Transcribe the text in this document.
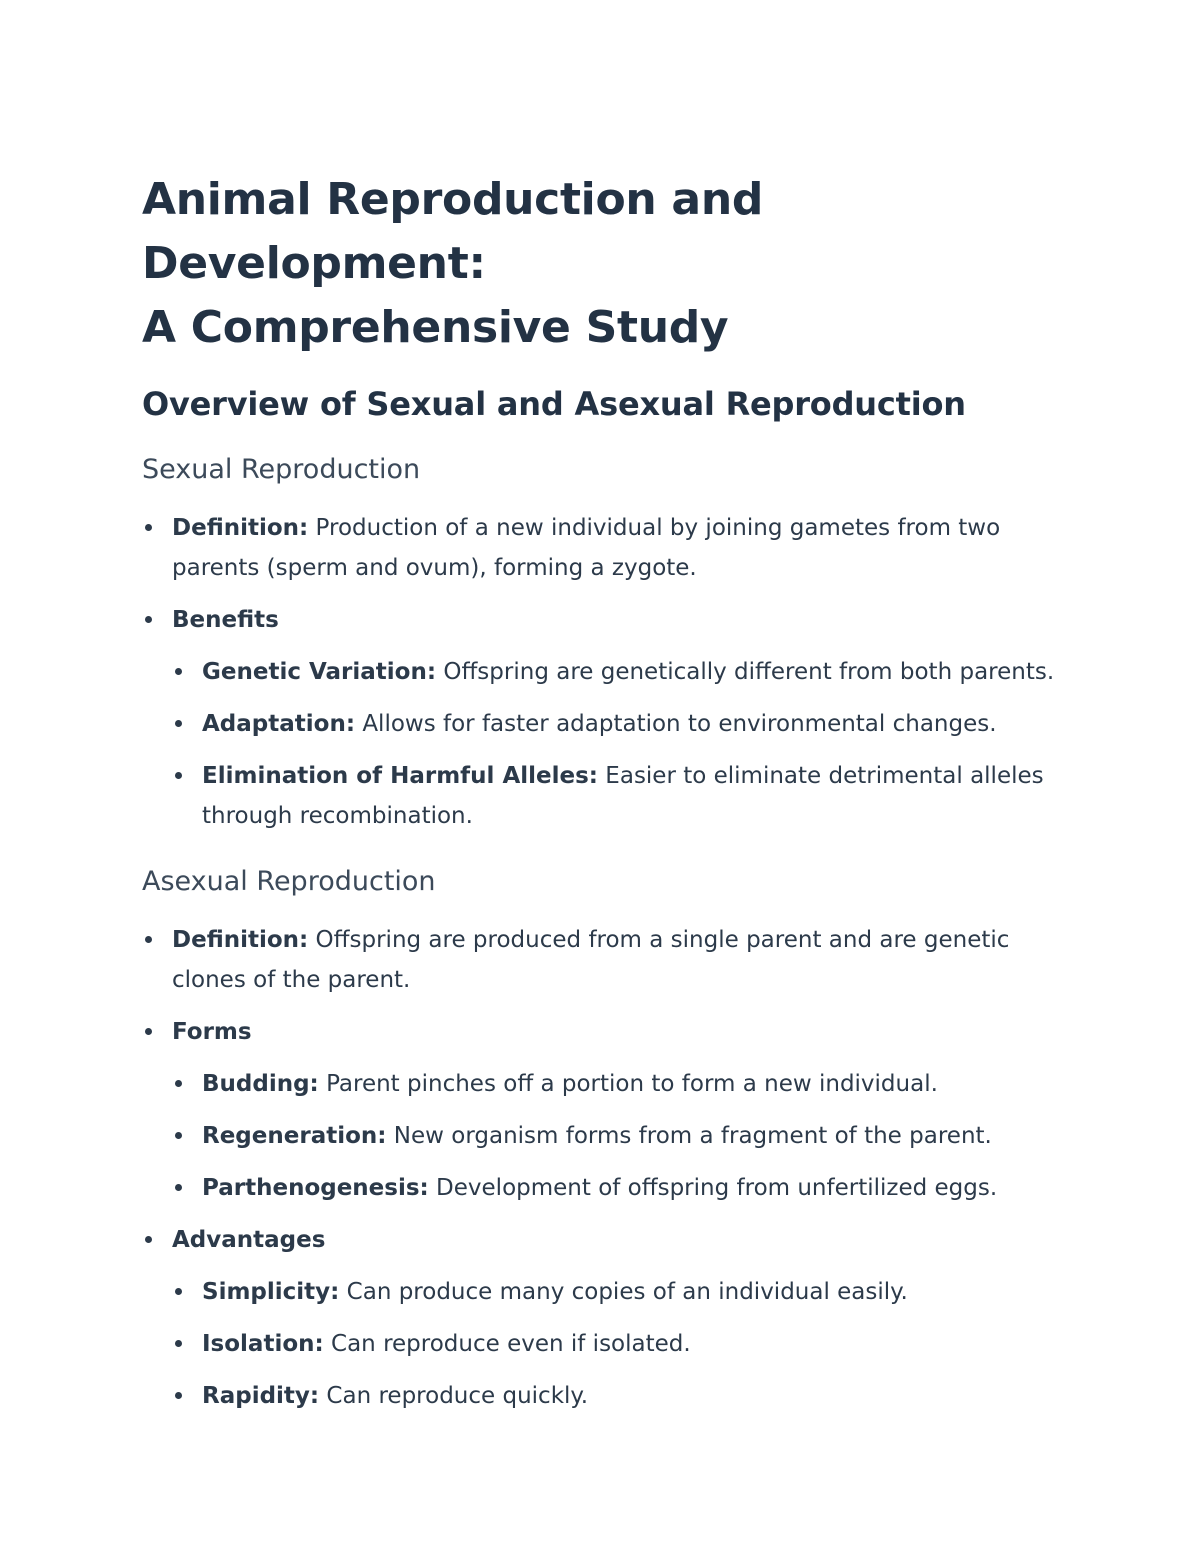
Animal Reproduction and Development:
A Comprehensive Study
Overview of Sexual and Asexual Reproduction
Sexual Reproduction
Definition: Production of a new individual by joining gametes from two parents (sperm and ovum), forming a zygote.
Benefits
Genetic Variation: Offspring are genetically different from both parents.
Adaptation: Allows for faster adaptation to environmental changes.
Elimination of Harmful Alleles: Easier to eliminate detrimental alleles through recombination.
Asexual Reproduction
Definition: Offspring are produced from a single parent and are genetic clones of the parent.
Forms
Budding: Parent pinches off a portion to form a new individual.
Regeneration: New organism forms from a fragment of the parent.
Parthenogenesis: Development of offspring from unfertilized eggs.
Advantages
Simplicity: Can produce many copies of an individual easily.
Isolation: Can reproduce even if isolated.
Rapidity: Can reproduce quickly.
